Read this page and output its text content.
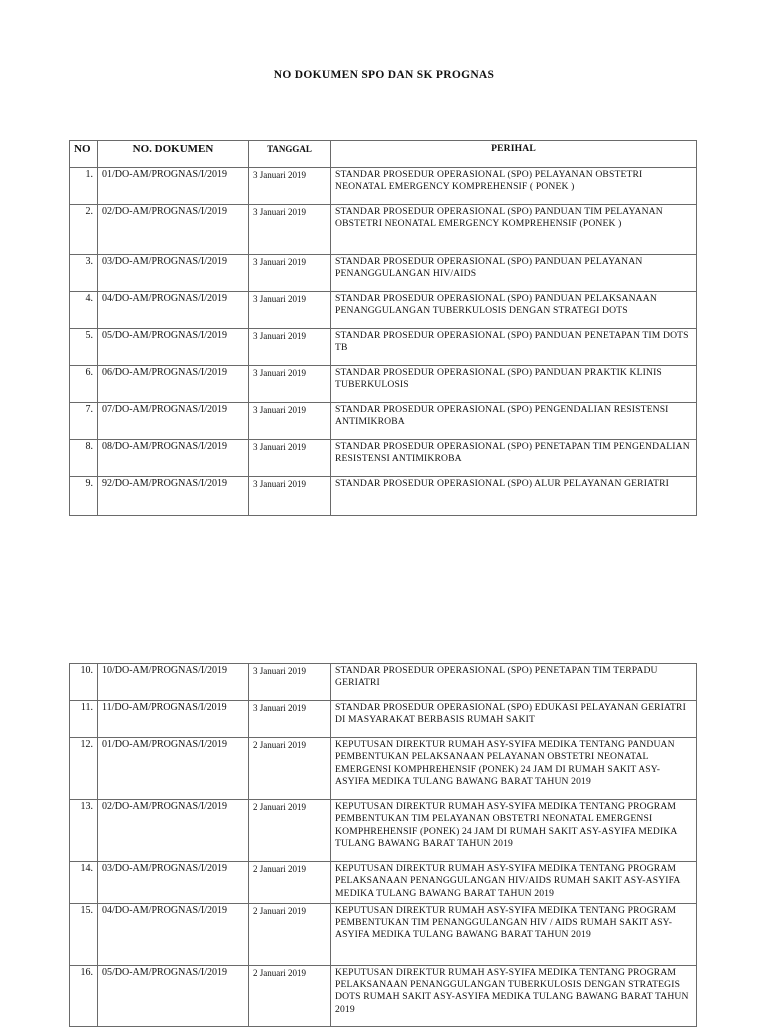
NO DOKUMEN SPO DAN SK PROGNAS
NO	NO. DOKUMEN	TANGGAL	PERIHAL
1.	01/DO-AM/PROGNAS/I/2019	3 Januari 2019	STANDAR PROSEDUR OPERASIONAL (SPO) PELAYANAN OBSTETRI NEONATAL EMERGENCY KOMPREHENSIF ( PONEK )
2.	02/DO-AM/PROGNAS/I/2019	3 Januari 2019	STANDAR PROSEDUR OPERASIONAL (SPO) PANDUAN TIM PELAYANAN OBSTETRI NEONATAL EMERGENCY KOMPREHENSIF (PONEK )
3.	03/DO-AM/PROGNAS/I/2019	3 Januari 2019	STANDAR PROSEDUR OPERASIONAL (SPO) PANDUAN PELAYANAN PENANGGULANGAN HIV/AIDS
4.	04/DO-AM/PROGNAS/I/2019	3 Januari 2019	STANDAR PROSEDUR OPERASIONAL (SPO) PANDUAN PELAKSANAAN PENANGGULANGAN TUBERKULOSIS DENGAN STRATEGI DOTS
5.	05/DO-AM/PROGNAS/I/2019	3 Januari 2019	STANDAR PROSEDUR OPERASIONAL (SPO) PANDUAN PENETAPAN TIM DOTS TB
6.	06/DO-AM/PROGNAS/I/2019	3 Januari 2019	STANDAR PROSEDUR OPERASIONAL (SPO) PANDUAN PRAKTIK KLINIS TUBERKULOSIS
7.	07/DO-AM/PROGNAS/I/2019	3 Januari 2019	STANDAR PROSEDUR OPERASIONAL (SPO) PENGENDALIAN RESISTENSI ANTIMIKROBA
8.	08/DO-AM/PROGNAS/I/2019	3 Januari 2019	STANDAR PROSEDUR OPERASIONAL (SPO) PENETAPAN TIM PENGENDALIAN RESISTENSI ANTIMIKROBA
9.	92/DO-AM/PROGNAS/I/2019	3 Januari 2019	STANDAR PROSEDUR OPERASIONAL (SPO) ALUR PELAYANAN GERIATRI
10.	10/DO-AM/PROGNAS/I/2019	3 Januari 2019	STANDAR PROSEDUR OPERASIONAL (SPO) PENETAPAN TIM TERPADU GERIATRI
11.	11/DO-AM/PROGNAS/I/2019	3 Januari 2019	STANDAR PROSEDUR OPERASIONAL (SPO) EDUKASI PELAYANAN GERIATRI DI MASYARAKAT BERBASIS RUMAH SAKIT
12.	01/DO-AM/PROGNAS/I/2019	2 Januari 2019	KEPUTUSAN DIREKTUR RUMAH ASY-SYIFA MEDIKA TENTANG PANDUAN PEMBENTUKAN PELAKSANAAN PELAYANAN OBSTETRI NEONATAL EMERGENSI KOMPHREHENSIF (PONEK) 24 JAM DI RUMAH SAKIT ASY-ASYIFA MEDIKA TULANG BAWANG BARAT TAHUN 2019
13.	02/DO-AM/PROGNAS/I/2019	2 Januari 2019	KEPUTUSAN DIREKTUR RUMAH ASY-SYIFA MEDIKA TENTANG PROGRAM PEMBENTUKAN TIM PELAYANAN OBSTETRI NEONATAL EMERGENSI KOMPHREHENSIF (PONEK) 24 JAM DI RUMAH SAKIT ASY-ASYIFA MEDIKA TULANG BAWANG BARAT TAHUN 2019
14.	03/DO-AM/PROGNAS/I/2019	2 Januari 2019	KEPUTUSAN DIREKTUR RUMAH ASY-SYIFA MEDIKA TENTANG PROGRAM PELAKSANAAN PENANGGULANGAN HIV/AIDS RUMAH SAKIT ASY-ASYIFA MEDIKA TULANG BAWANG BARAT TAHUN 2019
15.	04/DO-AM/PROGNAS/I/2019	2 Januari 2019	KEPUTUSAN DIREKTUR RUMAH ASY-SYIFA MEDIKA TENTANG PROGRAM PEMBENTUKAN TIM PENANGGULANGAN HIV / AIDS RUMAH SAKIT ASY-ASYIFA MEDIKA TULANG BAWANG BARAT TAHUN 2019
16.	05/DO-AM/PROGNAS/I/2019	2 Januari 2019	KEPUTUSAN DIREKTUR RUMAH ASY-SYIFA MEDIKA TENTANG PROGRAM PELAKSANAAN PENANGGULANGAN TUBERKULOSIS DENGAN STRATEGIS DOTS RUMAH SAKIT ASY-ASYIFA MEDIKA TULANG BAWANG BARAT TAHUN 2019
